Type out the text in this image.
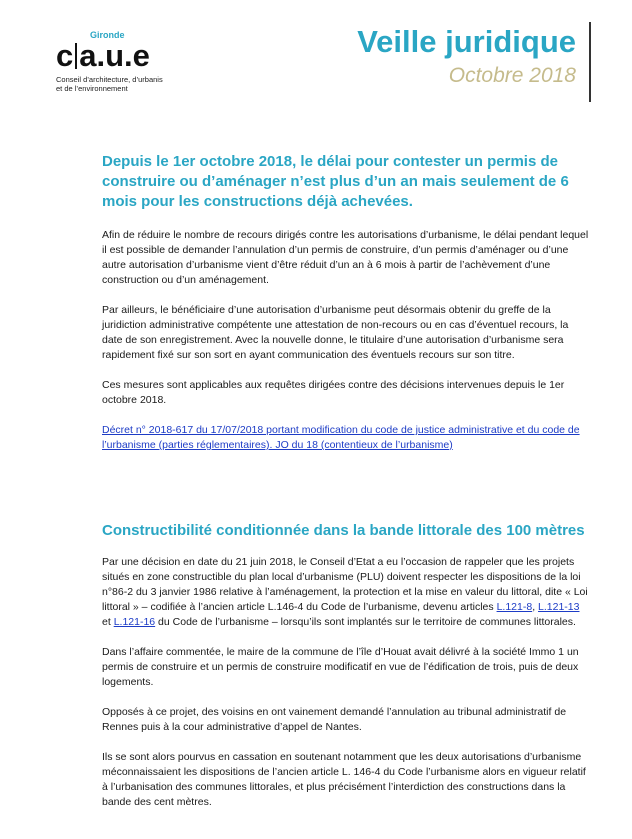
Gironde
c a.u.e
Conseil d’architecture, d’urbanis
et de l’environnement
Veille juridique
Octobre 2018

Depuis le 1er octobre 2018, le délai pour contester un permis de construire ou d’aménager n’est plus d’un an mais seulement de 6 mois pour les constructions déjà achevées.

Afin de réduire le nombre de recours dirigés contre les autorisations d’urbanisme, le délai pendant lequel il est possible de demander l’annulation d’un permis de construire, d’un permis d’aménager ou d’une autre autorisation d’urbanisme vient d’être réduit d’un an à 6 mois à partir de l’achèvement d’une construction ou d’un aménagement.

Par ailleurs, le bénéficiaire d’une autorisation d’urbanisme peut désormais obtenir du greffe de la juridiction administrative compétente une attestation de non-recours ou en cas d’éventuel recours, la date de son enregistrement. Avec la nouvelle donne, le titulaire d’une autorisation d’urbanisme sera rapidement fixé sur son sort en ayant communication des éventuels recours sur son titre.

Ces mesures sont applicables aux requêtes dirigées contre des décisions intervenues depuis le 1er octobre 2018.

Décret n° 2018-617 du 17/07/2018 portant modification du code de justice administrative et du code de l’urbanisme (parties réglementaires). JO du 18 (contentieux de l’urbanisme)

Constructibilité conditionnée dans la bande littorale des 100 mètres

Par une décision en date du 21 juin 2018, le Conseil d’Etat a eu l’occasion de rappeler que les projets situés en zone constructible du plan local d’urbanisme (PLU) doivent respecter les dispositions de la loi n°86-2 du 3 janvier 1986 relative à l’aménagement, la protection et la mise en valeur du littoral, dite « Loi littoral » – codifiée à l’ancien article L.146-4 du Code de l’urbanisme, devenu articles L.121-8, L.121-13 et L.121-16 du Code de l’urbanisme – lorsqu’ils sont implantés sur le territoire de communes littorales.

Dans l’affaire commentée, le maire de la commune de l’île d’Houat avait délivré à la société Immo 1 un permis de construire et un permis de construire modificatif en vue de l’édification de trois, puis de deux logements.

Opposés à ce projet, des voisins en ont vainement demandé l’annulation au tribunal administratif de Rennes puis à la cour administrative d’appel de Nantes.

Ils se sont alors pourvus en cassation en soutenant notamment que les deux autorisations d’urbanisme méconnaissaient les dispositions de l’ancien article L. 146-4 du Code l’urbanisme alors en vigueur relatif à l’urbanisation des communes littorales, et plus précisément l’interdiction des constructions dans la bande des cent mètres.
